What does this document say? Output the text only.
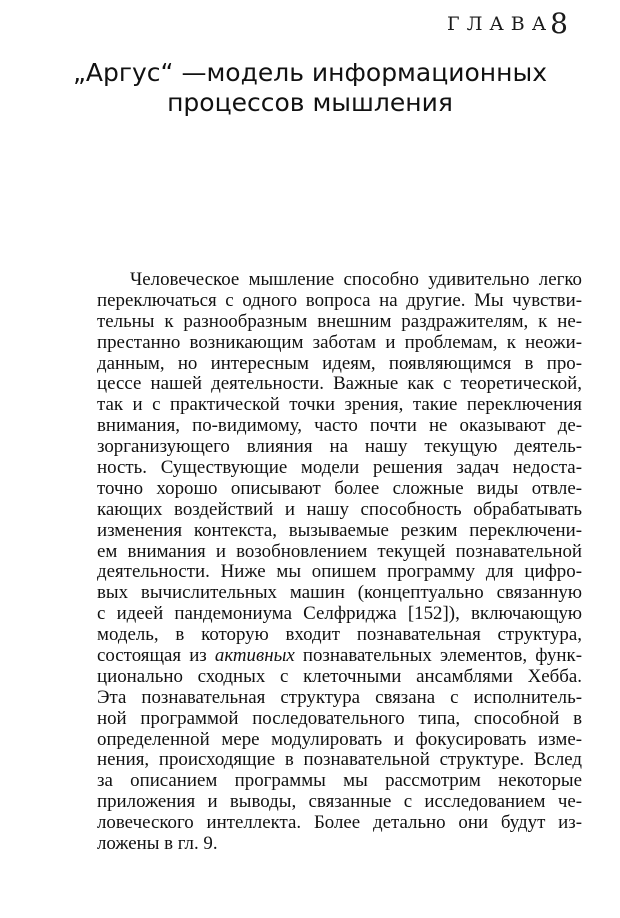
ГЛАВА8
„Аргус“ —модель информационных
процессов мышления
Человеческое мышление способно удивительно легко
переключаться с одного вопроса на другие. Мы чувстви-
тельны к разнообразным внешним раздражителям, к не-
престанно возникающим заботам и проблемам, к неожи-
данным, но интересным идеям, появляющимся в про-
цессе нашей деятельности. Важные как с теоретической,
так и с практической точки зрения, такие переключения
внимания, по-видимому, часто почти не оказывают де-
зорганизующего влияния на нашу текущую деятель-
ность. Существующие модели решения задач недоста-
точно хорошо описывают более сложные виды отвле-
кающих воздействий и нашу способность обрабатывать
изменения контекста, вызываемые резким переключени-
ем внимания и возобновлением текущей познавательной
деятельности. Ниже мы опишем программу для цифро-
вых вычислительных машин (концептуально связанную
с идеей пандемониума Селфриджа [152]), включающую
модель, в которую входит познавательная структура,
состоящая из активных познавательных элементов, функ-
ционально сходных с клеточными ансамблями Хебба.
Эта познавательная структура связана с исполнитель-
ной программой последовательного типа, способной в
определенной мере модулировать и фокусировать изме-
нения, происходящие в познавательной структуре. Вслед
за описанием программы мы рассмотрим некоторые
приложения и выводы, связанные с исследованием че-
ловеческого интеллекта. Более детально они будут из-
ложены в гл. 9.
